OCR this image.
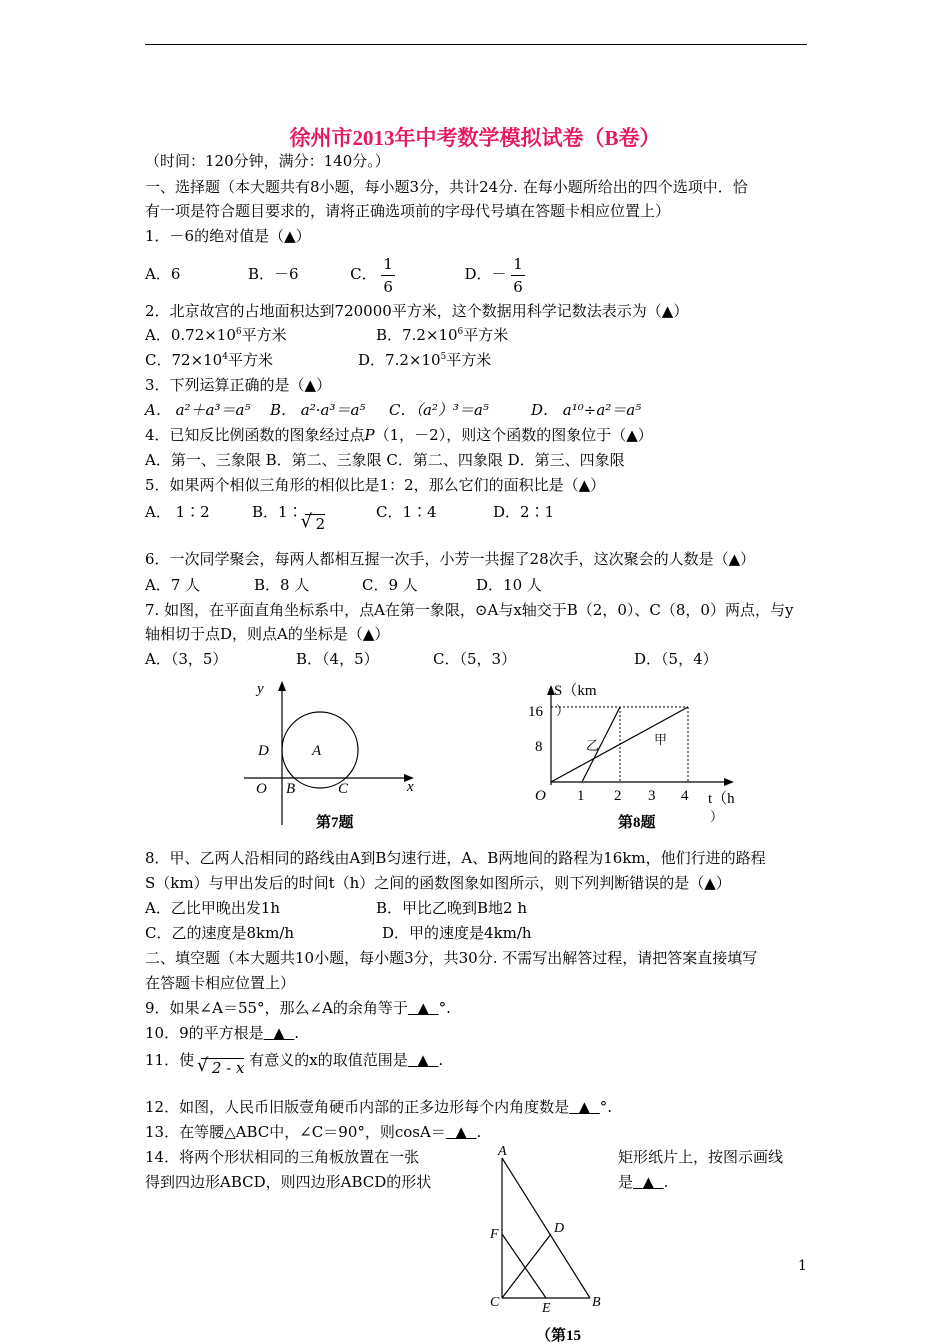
徐州市2013年中考数学模拟试卷（B卷）
（时间：120分钟，满分：140分。）
一、选择题（本大题共有8小题，每小题3分，共计24分. 在每小题所给出的四个选项中．恰
有一项是符合题目要求的，请将正确选项前的字母代号填在答题卡相应位置上）
1．－6的绝对值是（▲）
A．6	B．－6	C． $\frac{1}{6}$	D．－ $\frac{1}{6}$
2．北京故宫的占地面积达到720000平方米，这个数据用科学记数法表示为（▲）
A．$0.72\times 10^6$平方米	B．$7.2\times 10^6$平方米
C．$72\times 10^4$平方米	D．$7.2\times 10^5$平方米
3．下列运算正确的是（▲）
A． a²＋a³＝a⁵ B． a²·a³＝a⁵ C．（a²）³＝a⁵	D． a¹⁰÷a²＝a⁵
4．已知反比例函数的图象经过点P（1，－2），则这个函数的图象位于（▲）
A．第一、三象限 B．第二、三象限 C．第二、四象限 D．第三、四象限
5．如果两个相似三角形的相似比是1：2，那么它们的面积比是（▲）
A． 1∶2	B．1∶√ 2
C．1∶4	D．2∶1
6．一次同学聚会，每两人都相互握一次手，小芳一共握了28次手，这次聚会的人数是（▲）
A．7 人	B．8 人	C．9 人	D．10 人
7. 如图，在平面直角坐标系中，点A在第一象限，⊙A与x轴交于B（2，0）、C（8，0）两点，与y
轴相切于点D，则点A的坐标是（▲）
A．（3，5）	B．（4，5）	C．（5，3）	D．（5，4）
y
x
O
A
B	C
D
第7题
S（km
）
16
8
O 1 2 3 4 t（h
）
乙	甲
第8题
8．甲、乙两人沿相同的路线由A到B匀速行进，A、B两地间的路程为16km，他们行进的路程
S（km）与甲出发后的时间t（h）之间的函数图象如图所示，则下列判断错误的是（▲）
A．乙比甲晚出发1h	B．甲比乙晚到B地2 h
C．乙的速度是8km/h	D．甲的速度是4km/h
二、填空题（本大题共10小题，每小题3分，共30分. 不需写出解答过程，请把答案直接填写
在答题卡相应位置上）
9．如果∠A＝55°，那么∠A的余角等于 ▲ °.
10．9的平方根是 ▲ .
11．使 √ 2 - x 有意义的x的取值范围是 ▲ .
12．如图，人民币旧版壹角硬币内部的正多边形每个内角度数是 ▲ °.
13．在等腰△ABC中，∠C＝90°，则cosA＝ ▲ .
14．将两个形状相同的三角板放置在一张	矩形纸片上，按图示画线
得到四边形ABCD，则四边形ABCD的形状	是 ▲ .
A
D
F
C	E	B
（第15
1
